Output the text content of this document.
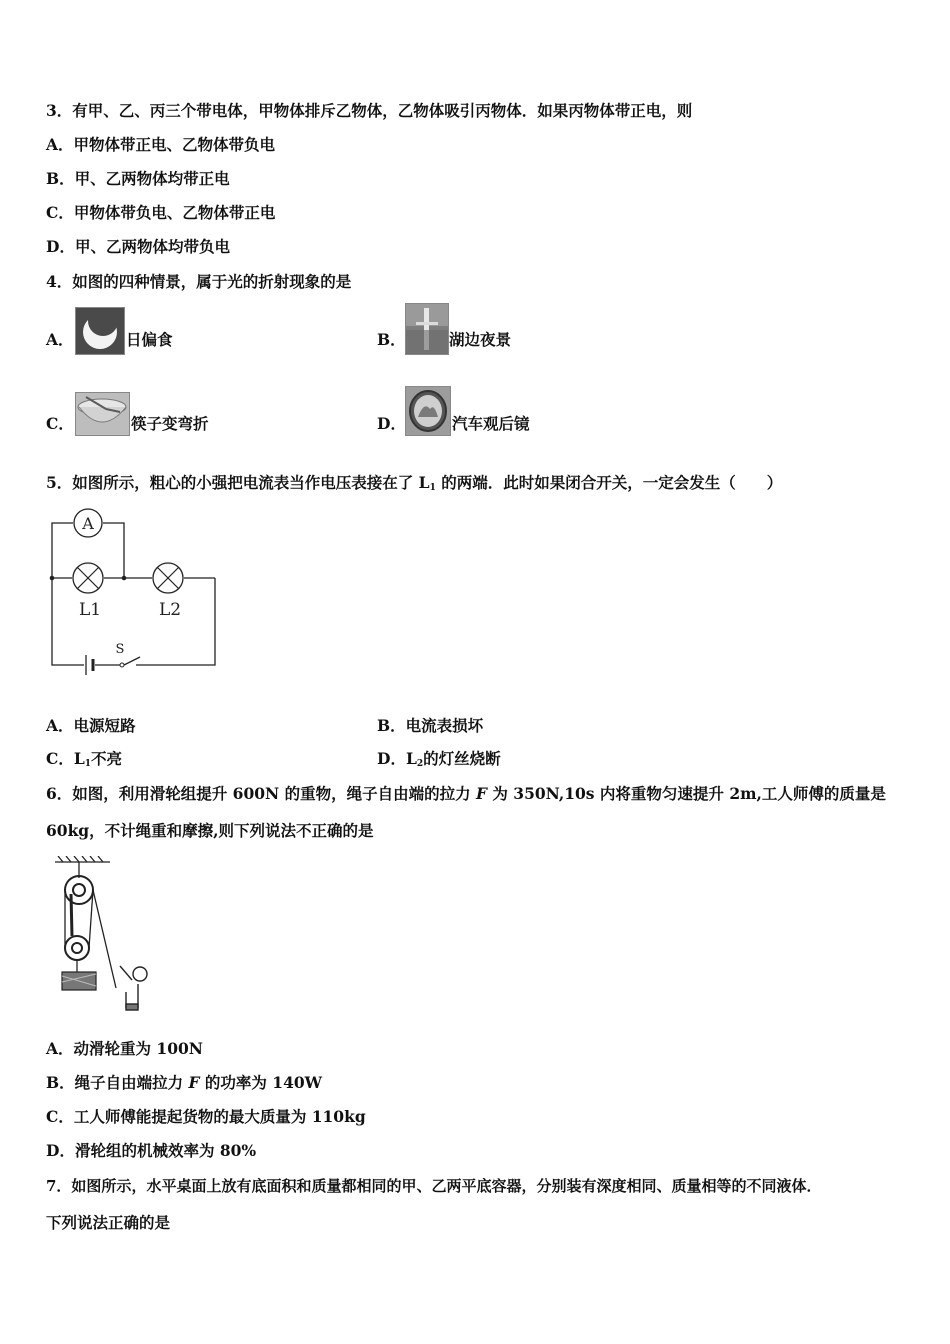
3．有甲、乙、丙三个带电体，甲物体排斥乙物体，乙物体吸引丙物体．如果丙物体带正电，则
A．甲物体带正电、乙物体带负电
B．甲、乙两物体均带正电
C．甲物体带负电、乙物体带正电
D．甲、乙两物体均带负电
4．如图的四种情景，属于光的折射现象的是
A．	日偏食	B．	湖边夜景
C．	筷子变弯折	D．	汽车观后镜
5．如图所示，粗心的小强把电流表当作电压表接在了 $L_1$ 的两端．此时如果闭合开关，一定会发生（　　）
A
L1	L2
S
A．电源短路	B．电流表损坏
C．$L_1$不亮	D．$L_2$的灯丝烧断
6．如图，利用滑轮组提升 600N 的重物，绳子自由端的拉力 F 为 350N,10s 内将重物匀速提升 2m,工人师傅的质量是
60kg，不计绳重和摩擦,则下列说法不正确的是
A．动滑轮重为 100N
B．绳子自由端拉力 F 的功率为 140W
C．工人师傅能提起货物的最大质量为 110kg
D．滑轮组的机械效率为 80%
7．如图所示，水平桌面上放有底面积和质量都相同的甲、乙两平底容器，分别装有深度相同、质量相等的不同液体．
下列说法正确的是
